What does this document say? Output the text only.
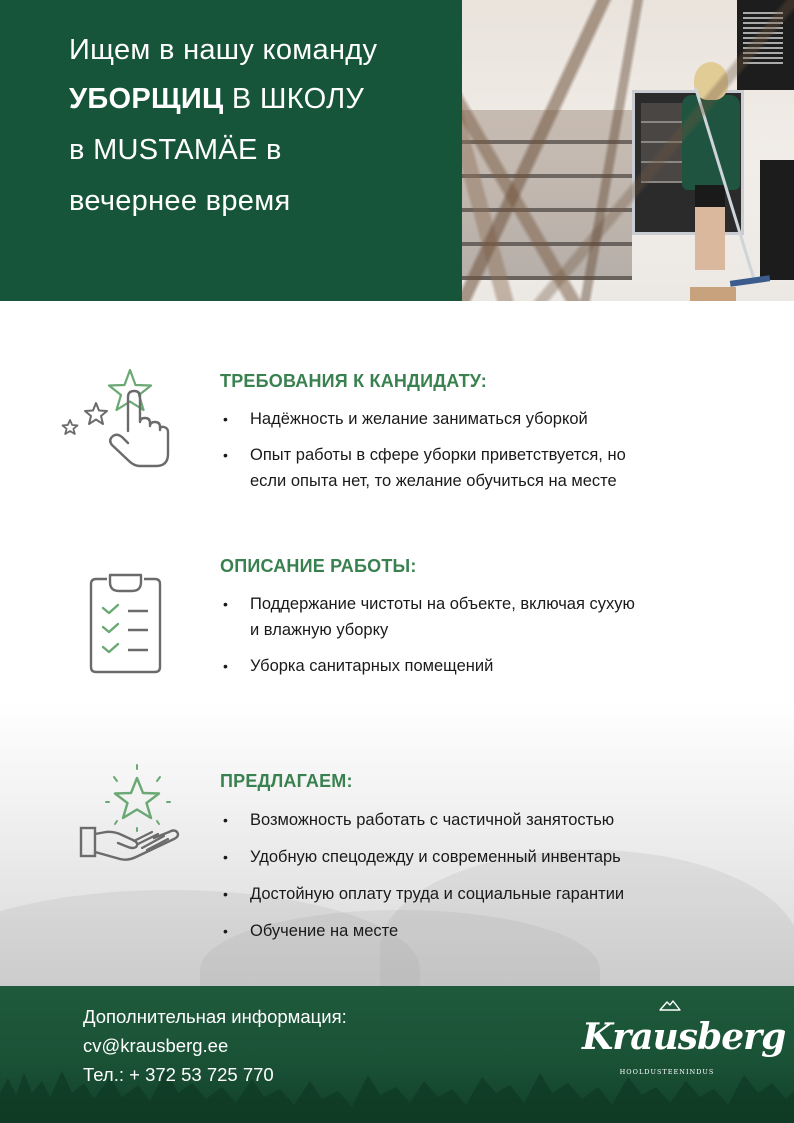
Ищем в нашу команду
УБОРЩИЦ В ШКОЛУ
в MUSTAMÄE в
вечернее время
ТРЕБОВАНИЯ К КАНДИДАТУ:
• Надёжность и желание заниматься уборкой
• Опыт работы в сфере уборки приветствуется, но
если опыта нет, то желание обучиться на месте
ОПИСАНИЕ РАБОТЫ:
• Поддержание чистоты на объекте, включая сухую
и влажную уборку
• Уборка санитарных помещений
ПРЕДЛАГАЕМ:
• Возможность работать с частичной занятостью
• Удобную спецодежду и современный инвентарь
• Достойную оплату труда и социальные гарантии
• Обучение на месте
Дополнительная информация:
cv@krausberg.ee
Тел.: + 372 53 725 770
Krausberg
HOOLDUSTEENINDUS
